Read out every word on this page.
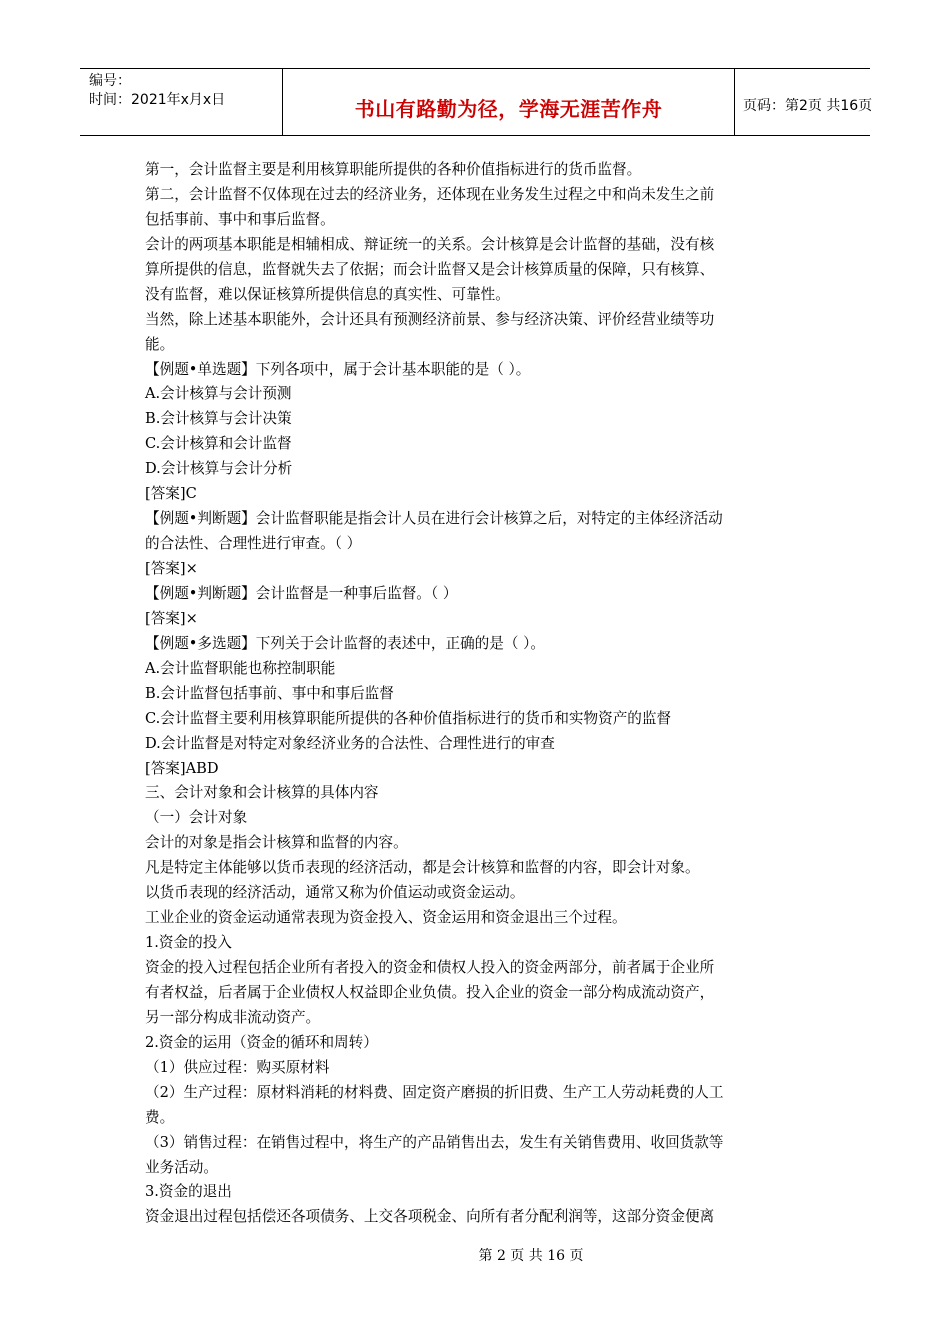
编号：
时间：2021年x月x日	书山有路勤为径，学海无涯苦作舟	页码：第2页 共16页
第一，会计监督主要是利用核算职能所提供的各种价值指标进行的货币监督。
第二，会计监督不仅体现在过去的经济业务，还体现在业务发生过程之中和尚未发生之前
包括事前、事中和事后监督。
会计的两项基本职能是相辅相成、辩证统一的关系。会计核算是会计监督的基础，没有核
算所提供的信息，监督就失去了依据；而会计监督又是会计核算质量的保障，只有核算、
没有监督，难以保证核算所提供信息的真实性、可靠性。
当然，除上述基本职能外，会计还具有预测经济前景、参与经济决策、评价经营业绩等功
能。
【例题•单选题】下列各项中，属于会计基本职能的是（ ）。
A.会计核算与会计预测
B.会计核算与会计决策
C.会计核算和会计监督
D.会计核算与会计分析
[答案]C
【例题•判断题】会计监督职能是指会计人员在进行会计核算之后，对特定的主体经济活动
的合法性、合理性进行审查。（ ）
[答案]×
【例题•判断题】会计监督是一种事后监督。（ ）
[答案]×
【例题•多选题】下列关于会计监督的表述中，正确的是（ ）。
A.会计监督职能也称控制职能
B.会计监督包括事前、事中和事后监督
C.会计监督主要利用核算职能所提供的各种价值指标进行的货币和实物资产的监督
D.会计监督是对特定对象经济业务的合法性、合理性进行的审查
[答案]ABD
三、会计对象和会计核算的具体内容
（一）会计对象
会计的对象是指会计核算和监督的内容。
凡是特定主体能够以货币表现的经济活动，都是会计核算和监督的内容，即会计对象。
以货币表现的经济活动，通常又称为价值运动或资金运动。
工业企业的资金运动通常表现为资金投入、资金运用和资金退出三个过程。
1.资金的投入
资金的投入过程包括企业所有者投入的资金和债权人投入的资金两部分，前者属于企业所
有者权益，后者属于企业债权人权益即企业负债。投入企业的资金一部分构成流动资产，
另一部分构成非流动资产。
2.资金的运用（资金的循环和周转）
（1）供应过程：购买原材料
（2）生产过程：原材料消耗的材料费、固定资产磨损的折旧费、生产工人劳动耗费的人工
费。
（3）销售过程：在销售过程中，将生产的产品销售出去，发生有关销售费用、收回货款等
业务活动。
3.资金的退出
资金退出过程包括偿还各项债务、上交各项税金、向所有者分配利润等，这部分资金便离
第 2 页 共 16 页
